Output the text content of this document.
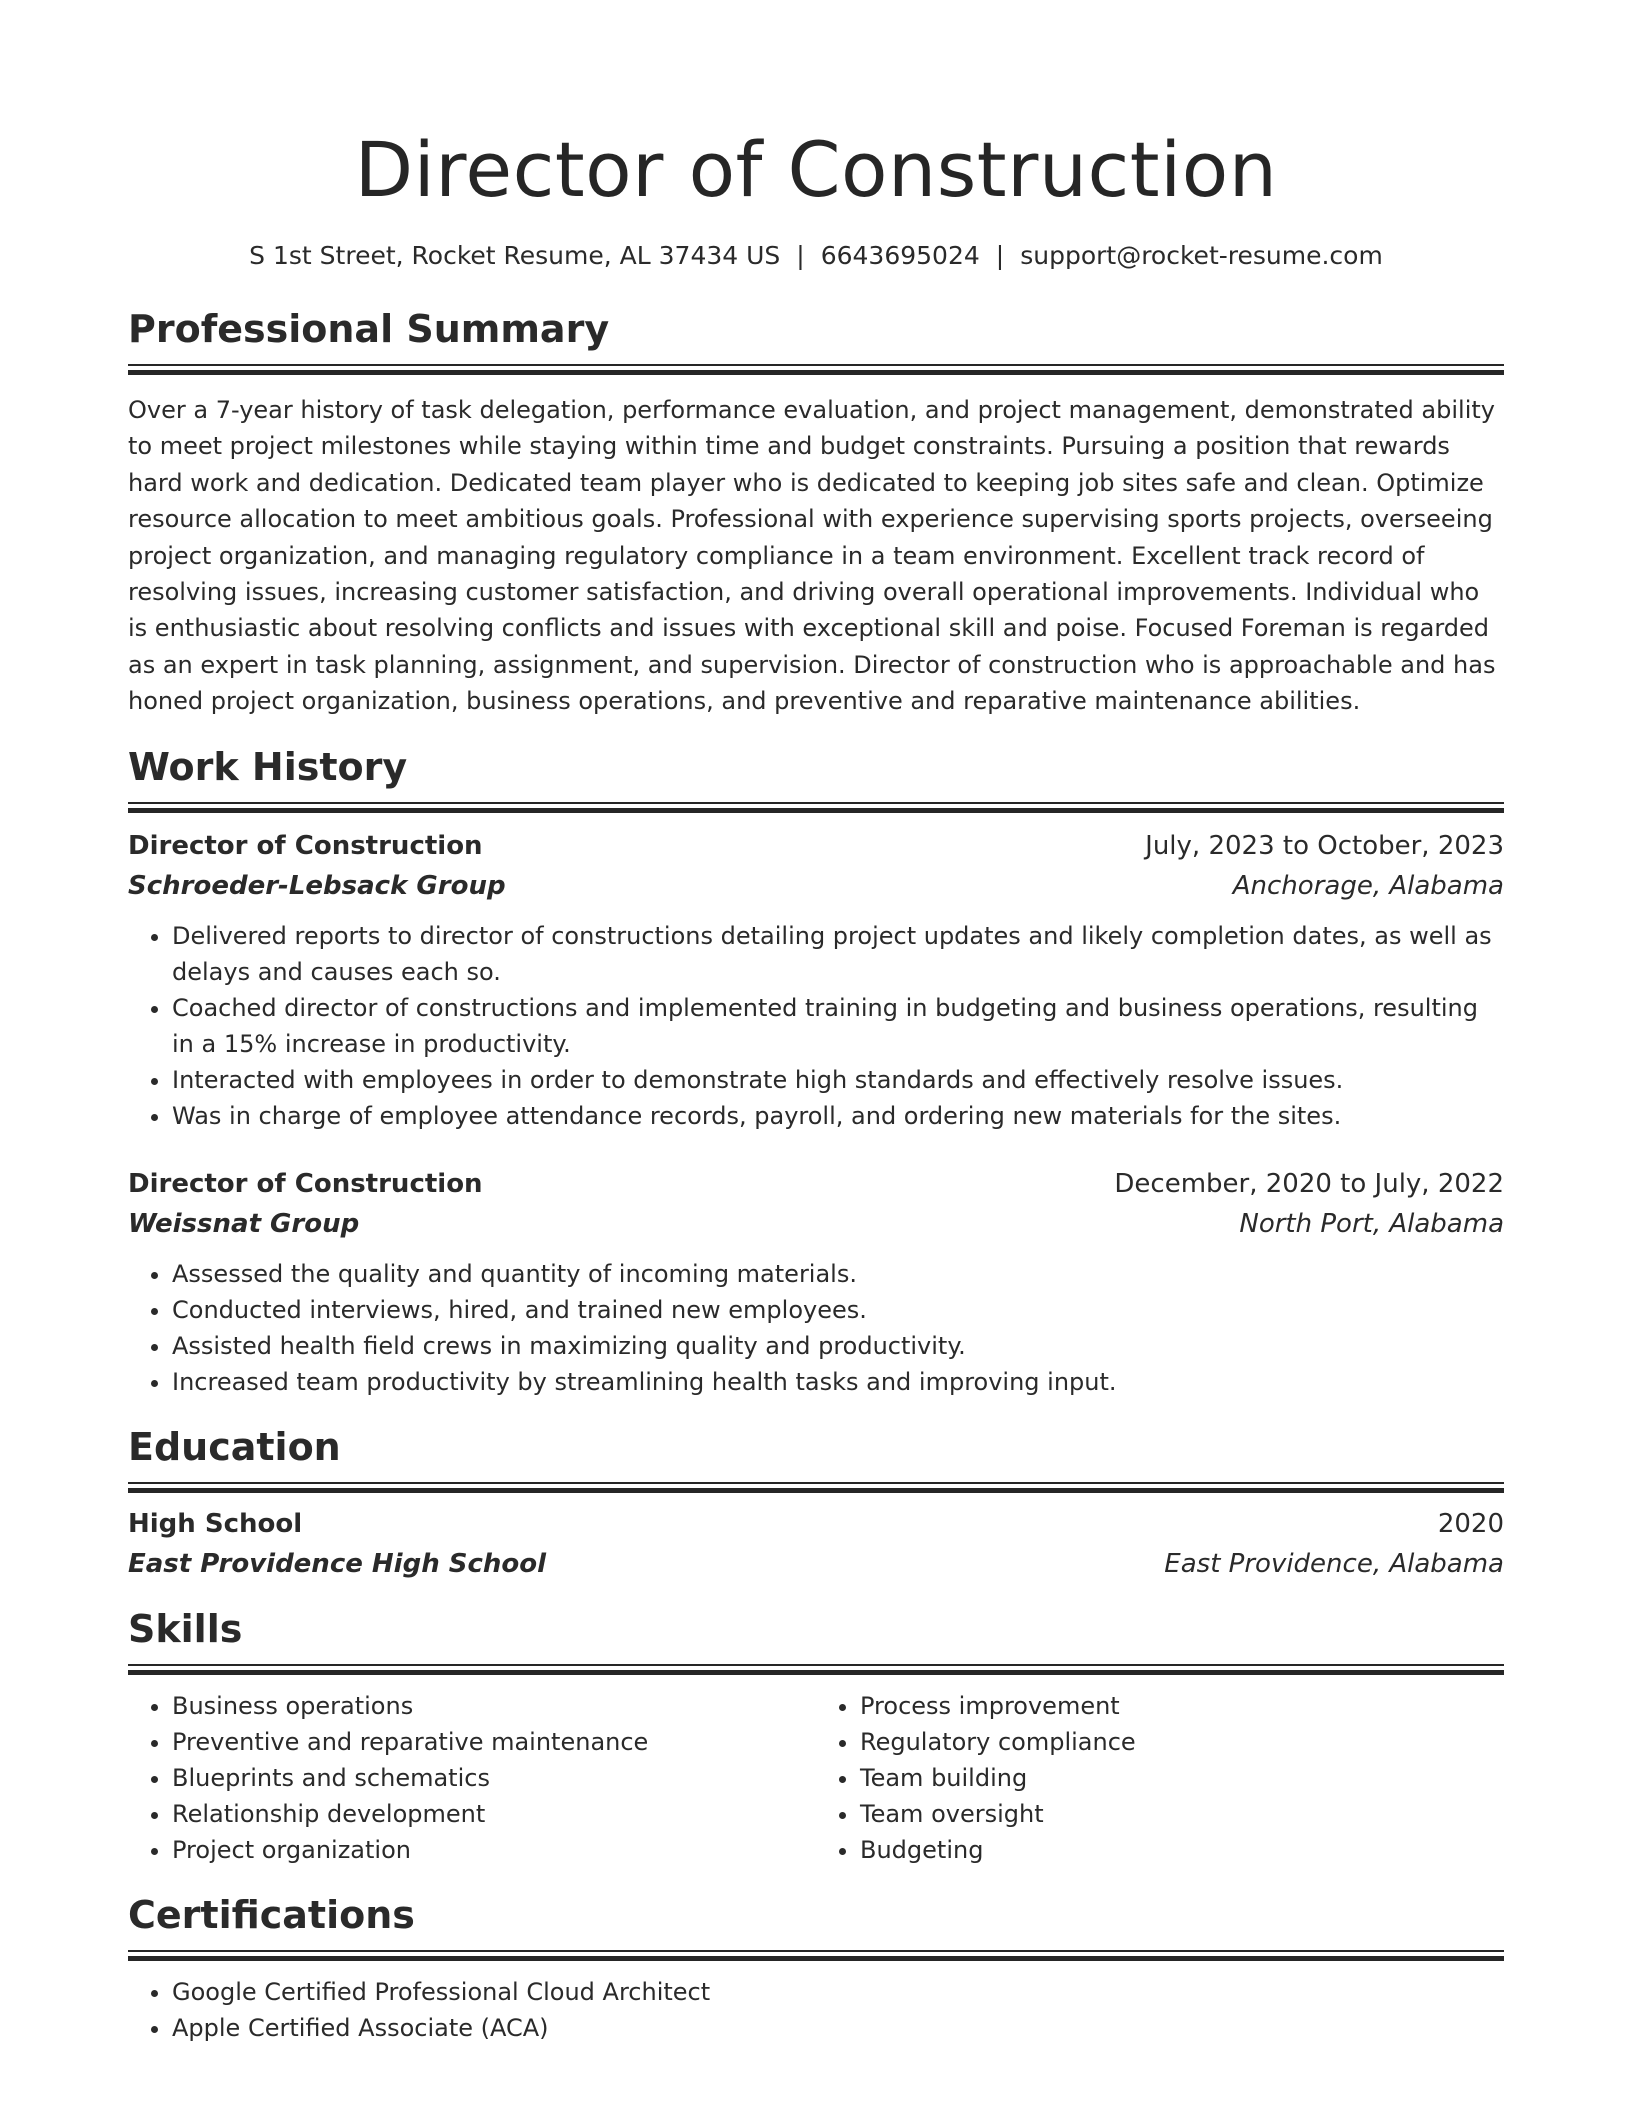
Director of Construction
S 1st Street, Rocket Resume, AL 37434 US | 6643695024 | support@rocket-resume.com
Professional Summary
Over a 7-year history of task delegation, performance evaluation, and project management, demonstrated ability to meet project milestones while staying within time and budget constraints. Pursuing a position that rewards hard work and dedication. Dedicated team player who is dedicated to keeping job sites safe and clean. Optimize resource allocation to meet ambitious goals. Professional with experience supervising sports projects, overseeing project organization, and managing regulatory compliance in a team environment. Excellent track record of resolving issues, increasing customer satisfaction, and driving overall operational improvements. Individual who is enthusiastic about resolving conflicts and issues with exceptional skill and poise. Focused Foreman is regarded as an expert in task planning, assignment, and supervision. Director of construction who is approachable and has honed project organization, business operations, and preventive and reparative maintenance abilities.
Work History
Director of Construction	July, 2023 to October, 2023
Schroeder-Lebsack Group	Anchorage, Alabama
• Delivered reports to director of constructions detailing project updates and likely completion dates, as well as delays and causes each so.
• Coached director of constructions and implemented training in budgeting and business operations, resulting in a 15% increase in productivity.
• Interacted with employees in order to demonstrate high standards and effectively resolve issues.
• Was in charge of employee attendance records, payroll, and ordering new materials for the sites.
Director of Construction	December, 2020 to July, 2022
Weissnat Group	North Port, Alabama
• Assessed the quality and quantity of incoming materials.
• Conducted interviews, hired, and trained new employees.
• Assisted health field crews in maximizing quality and productivity.
• Increased team productivity by streamlining health tasks and improving input.
Education
High School	2020
East Providence High School	East Providence, Alabama
Skills
• Business operations
• Preventive and reparative maintenance
• Blueprints and schematics
• Relationship development
• Project organization
• Process improvement
• Regulatory compliance
• Team building
• Team oversight
• Budgeting
Certifications
• Google Certified Professional Cloud Architect
• Apple Certified Associate (ACA)
